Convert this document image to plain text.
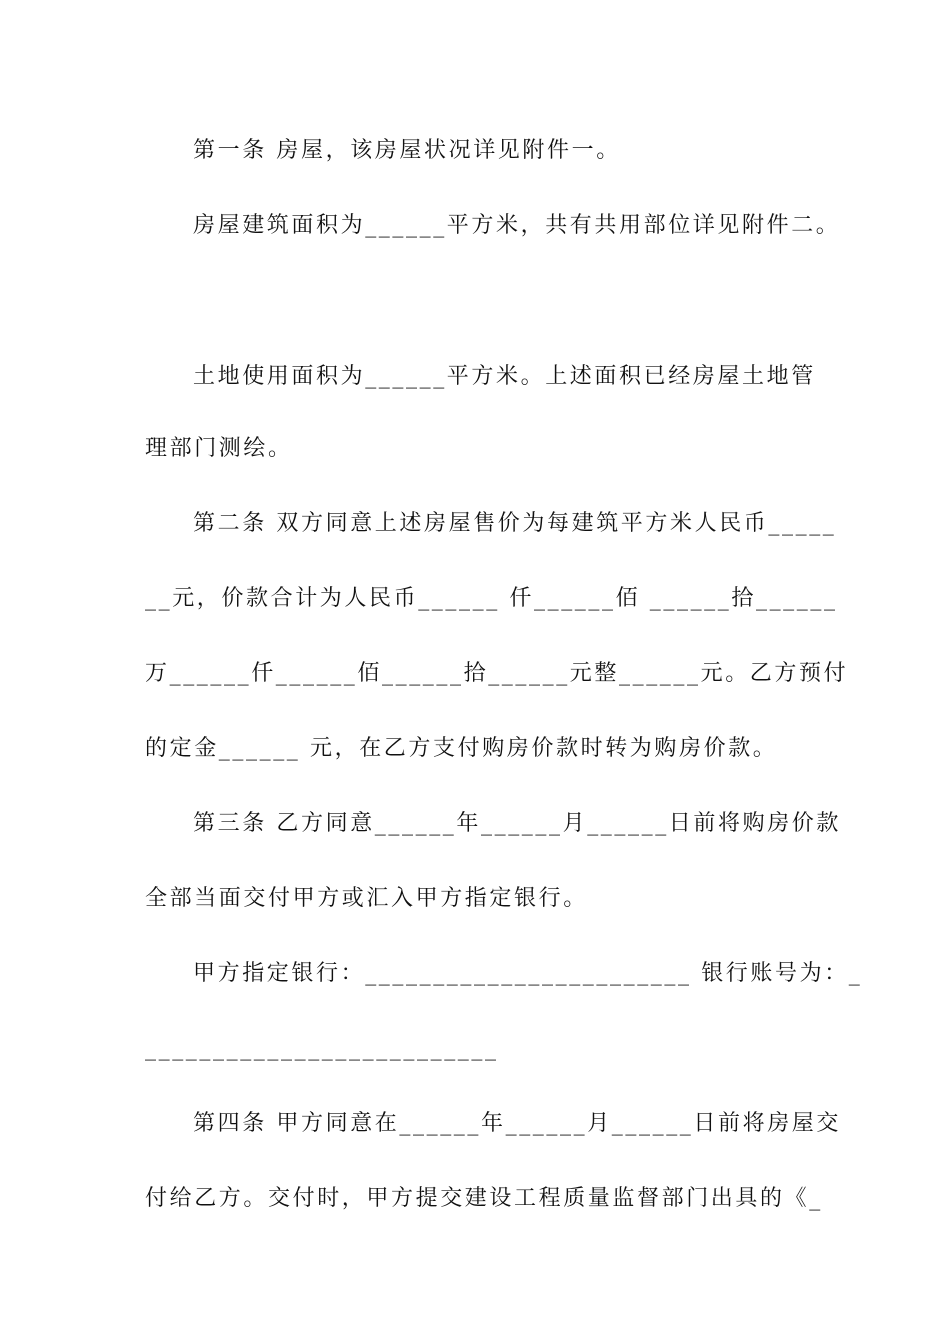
第一条 房屋，该房屋状况详见附件一。
房屋建筑面积为______平方米，共有共用部位详见附件二。
土地使用面积为______平方米。上述面积已经房屋土地管
理部门测绘。
第二条 双方同意上述房屋售价为每建筑平方米人民币_____
__元，价款合计为人民币______ 仟______佰 ______拾______
万______仟______佰______拾______元整______元。乙方预付
的定金______ 元，在乙方支付购房价款时转为购房价款。
第三条 乙方同意______年______月______日前将购房价款
全部当面交付甲方或汇入甲方指定银行。
甲方指定银行：________________________ 银行账号为：_
__________________________
第四条 甲方同意在______年______月______日前将房屋交
付给乙方。交付时，甲方提交建设工程质量监督部门出具的《_
